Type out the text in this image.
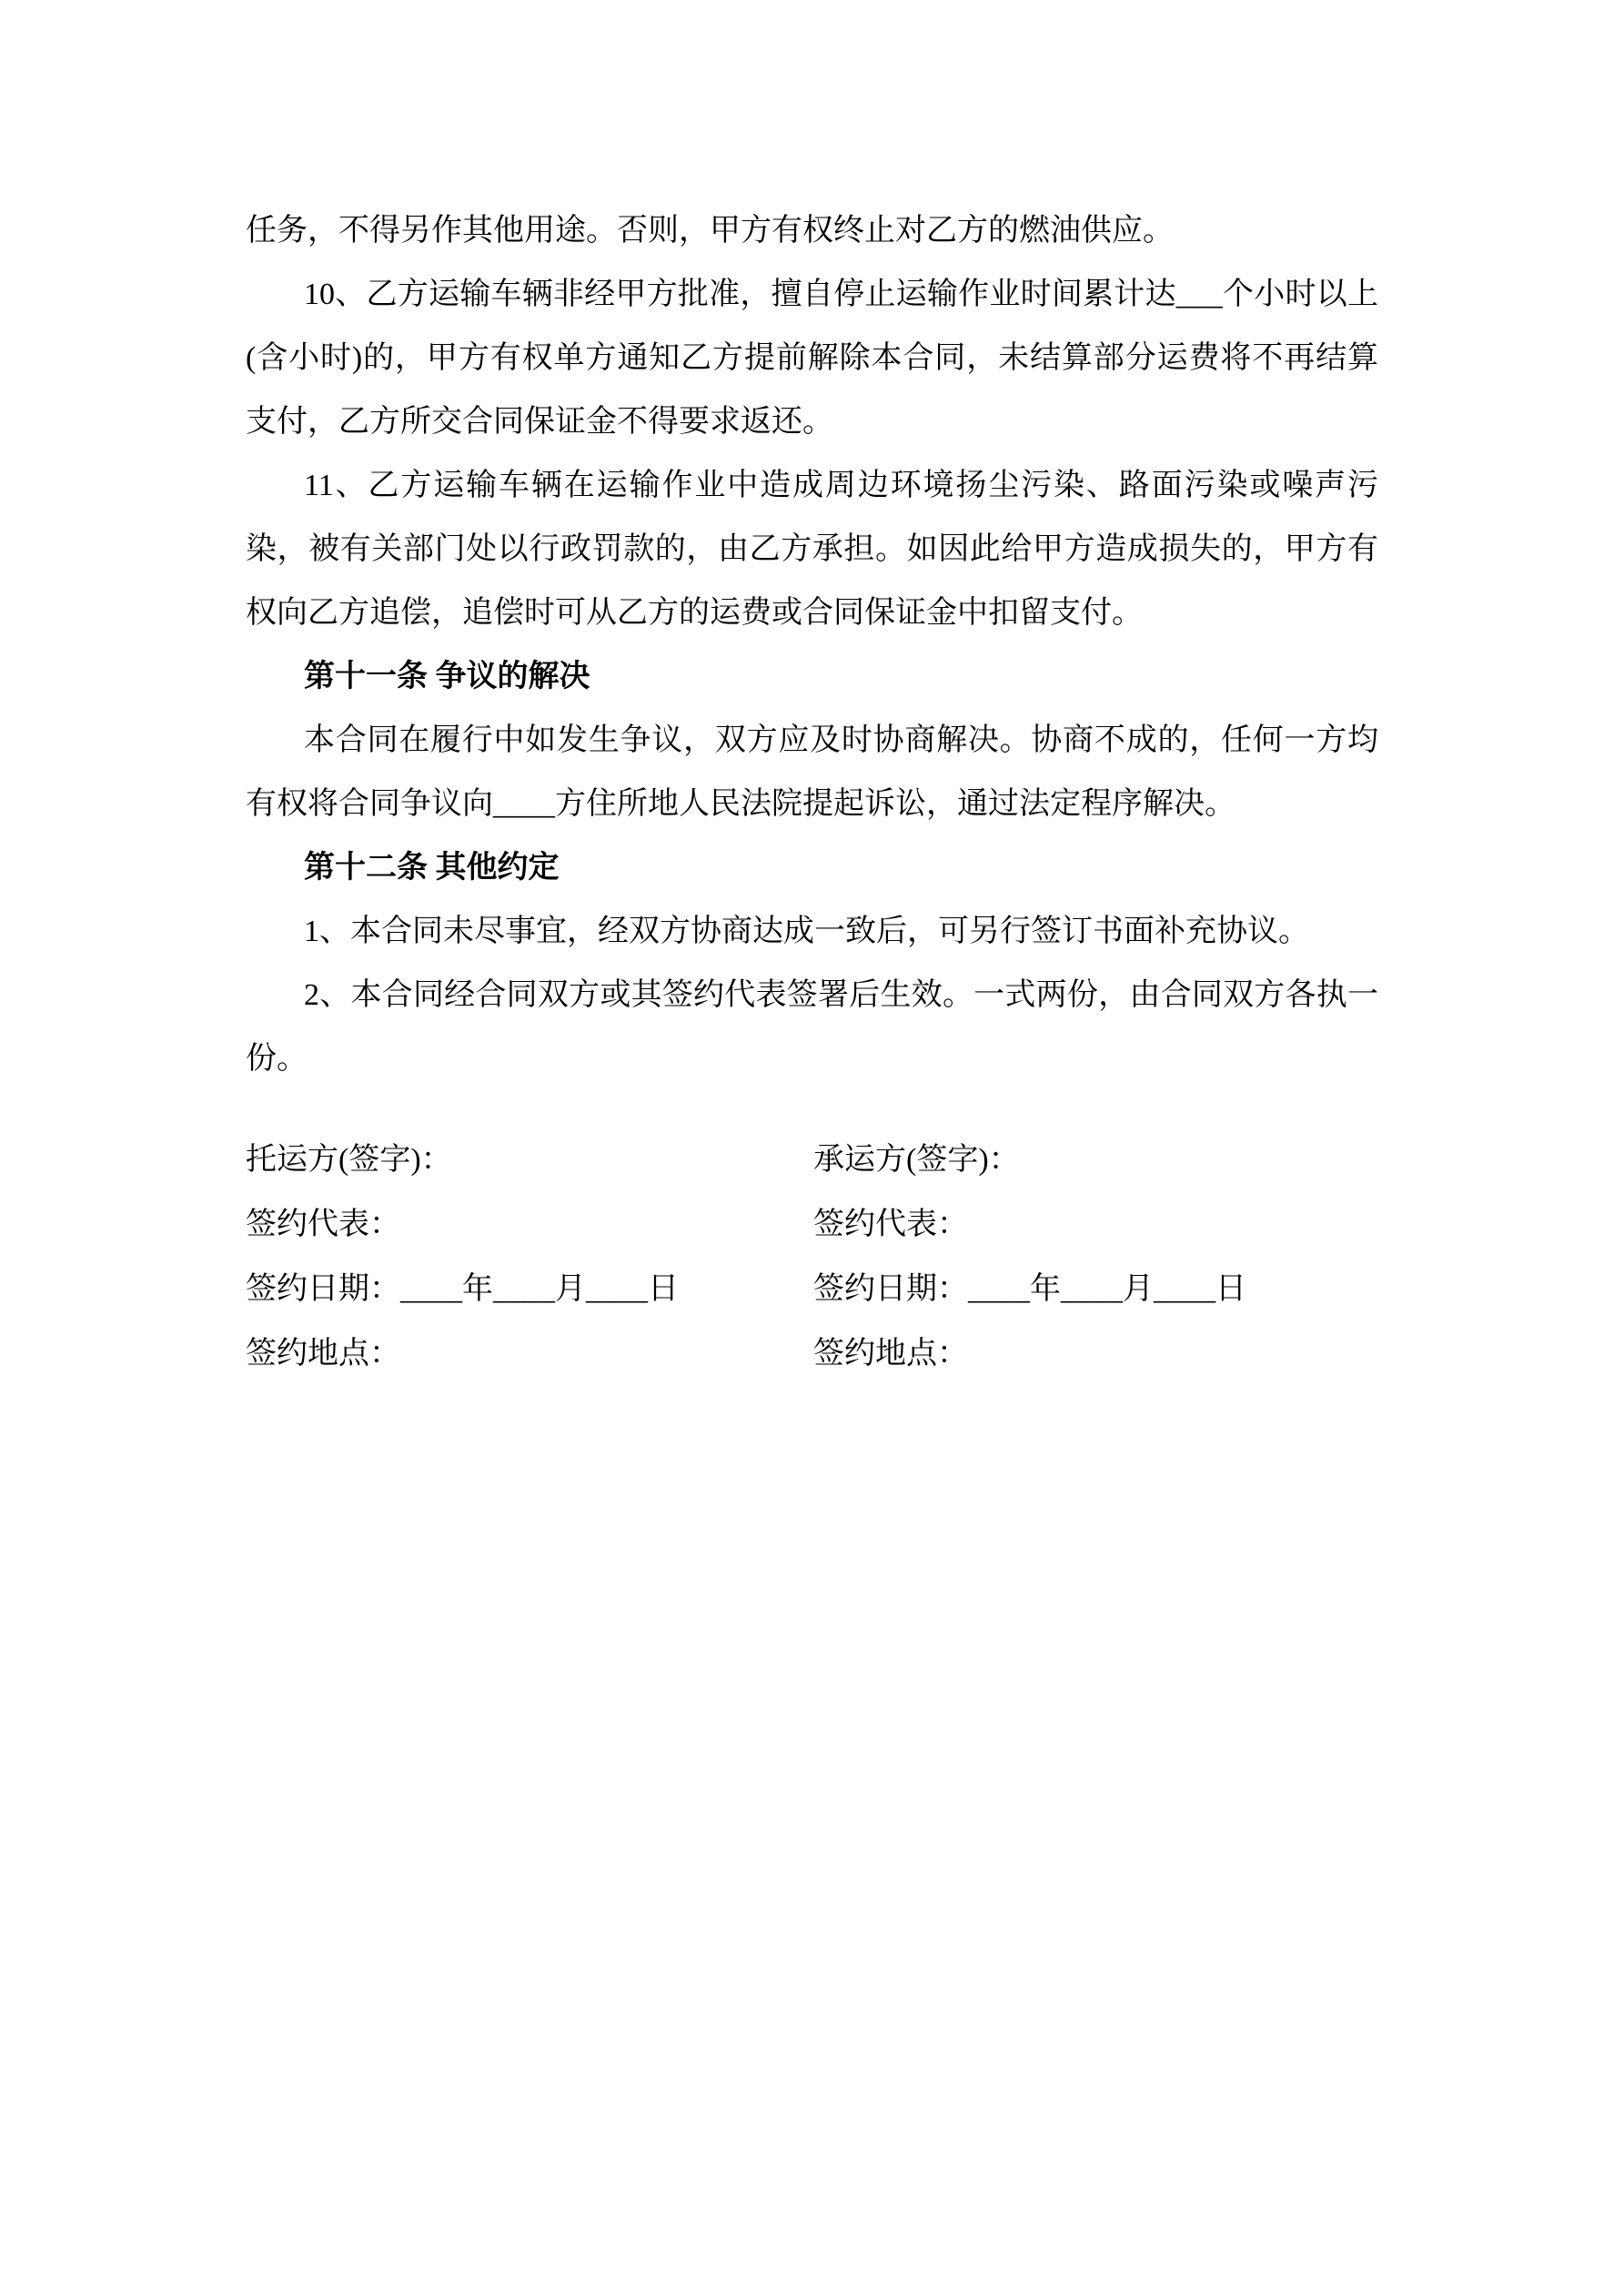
任务，不得另作其他用途。否则，甲方有权终止对乙方的燃油供应。

10、乙方运输车辆非经甲方批准，擅自停止运输作业时间累计达___个小时以上(含小时)的，甲方有权单方通知乙方提前解除本合同，未结算部分运费将不再结算支付，乙方所交合同保证金不得要求返还。

11、乙方运输车辆在运输作业中造成周边环境扬尘污染、路面污染或噪声污染，被有关部门处以行政罚款的，由乙方承担。如因此给甲方造成损失的，甲方有权向乙方追偿，追偿时可从乙方的运费或合同保证金中扣留支付。

第十一条 争议的解决

本合同在履行中如发生争议，双方应及时协商解决。协商不成的，任何一方均有权将合同争议向____方住所地人民法院提起诉讼，通过法定程序解决。

第十二条 其他约定

1、本合同未尽事宜，经双方协商达成一致后，可另行签订书面补充协议。

2、本合同经合同双方或其签约代表签署后生效。一式两份，由合同双方各执一份。

托运方(签字)：	承运方(签字)：
签约代表：	签约代表：
签约日期：____年____月____日	签约日期：____年____月____日
签约地点：	签约地点：
